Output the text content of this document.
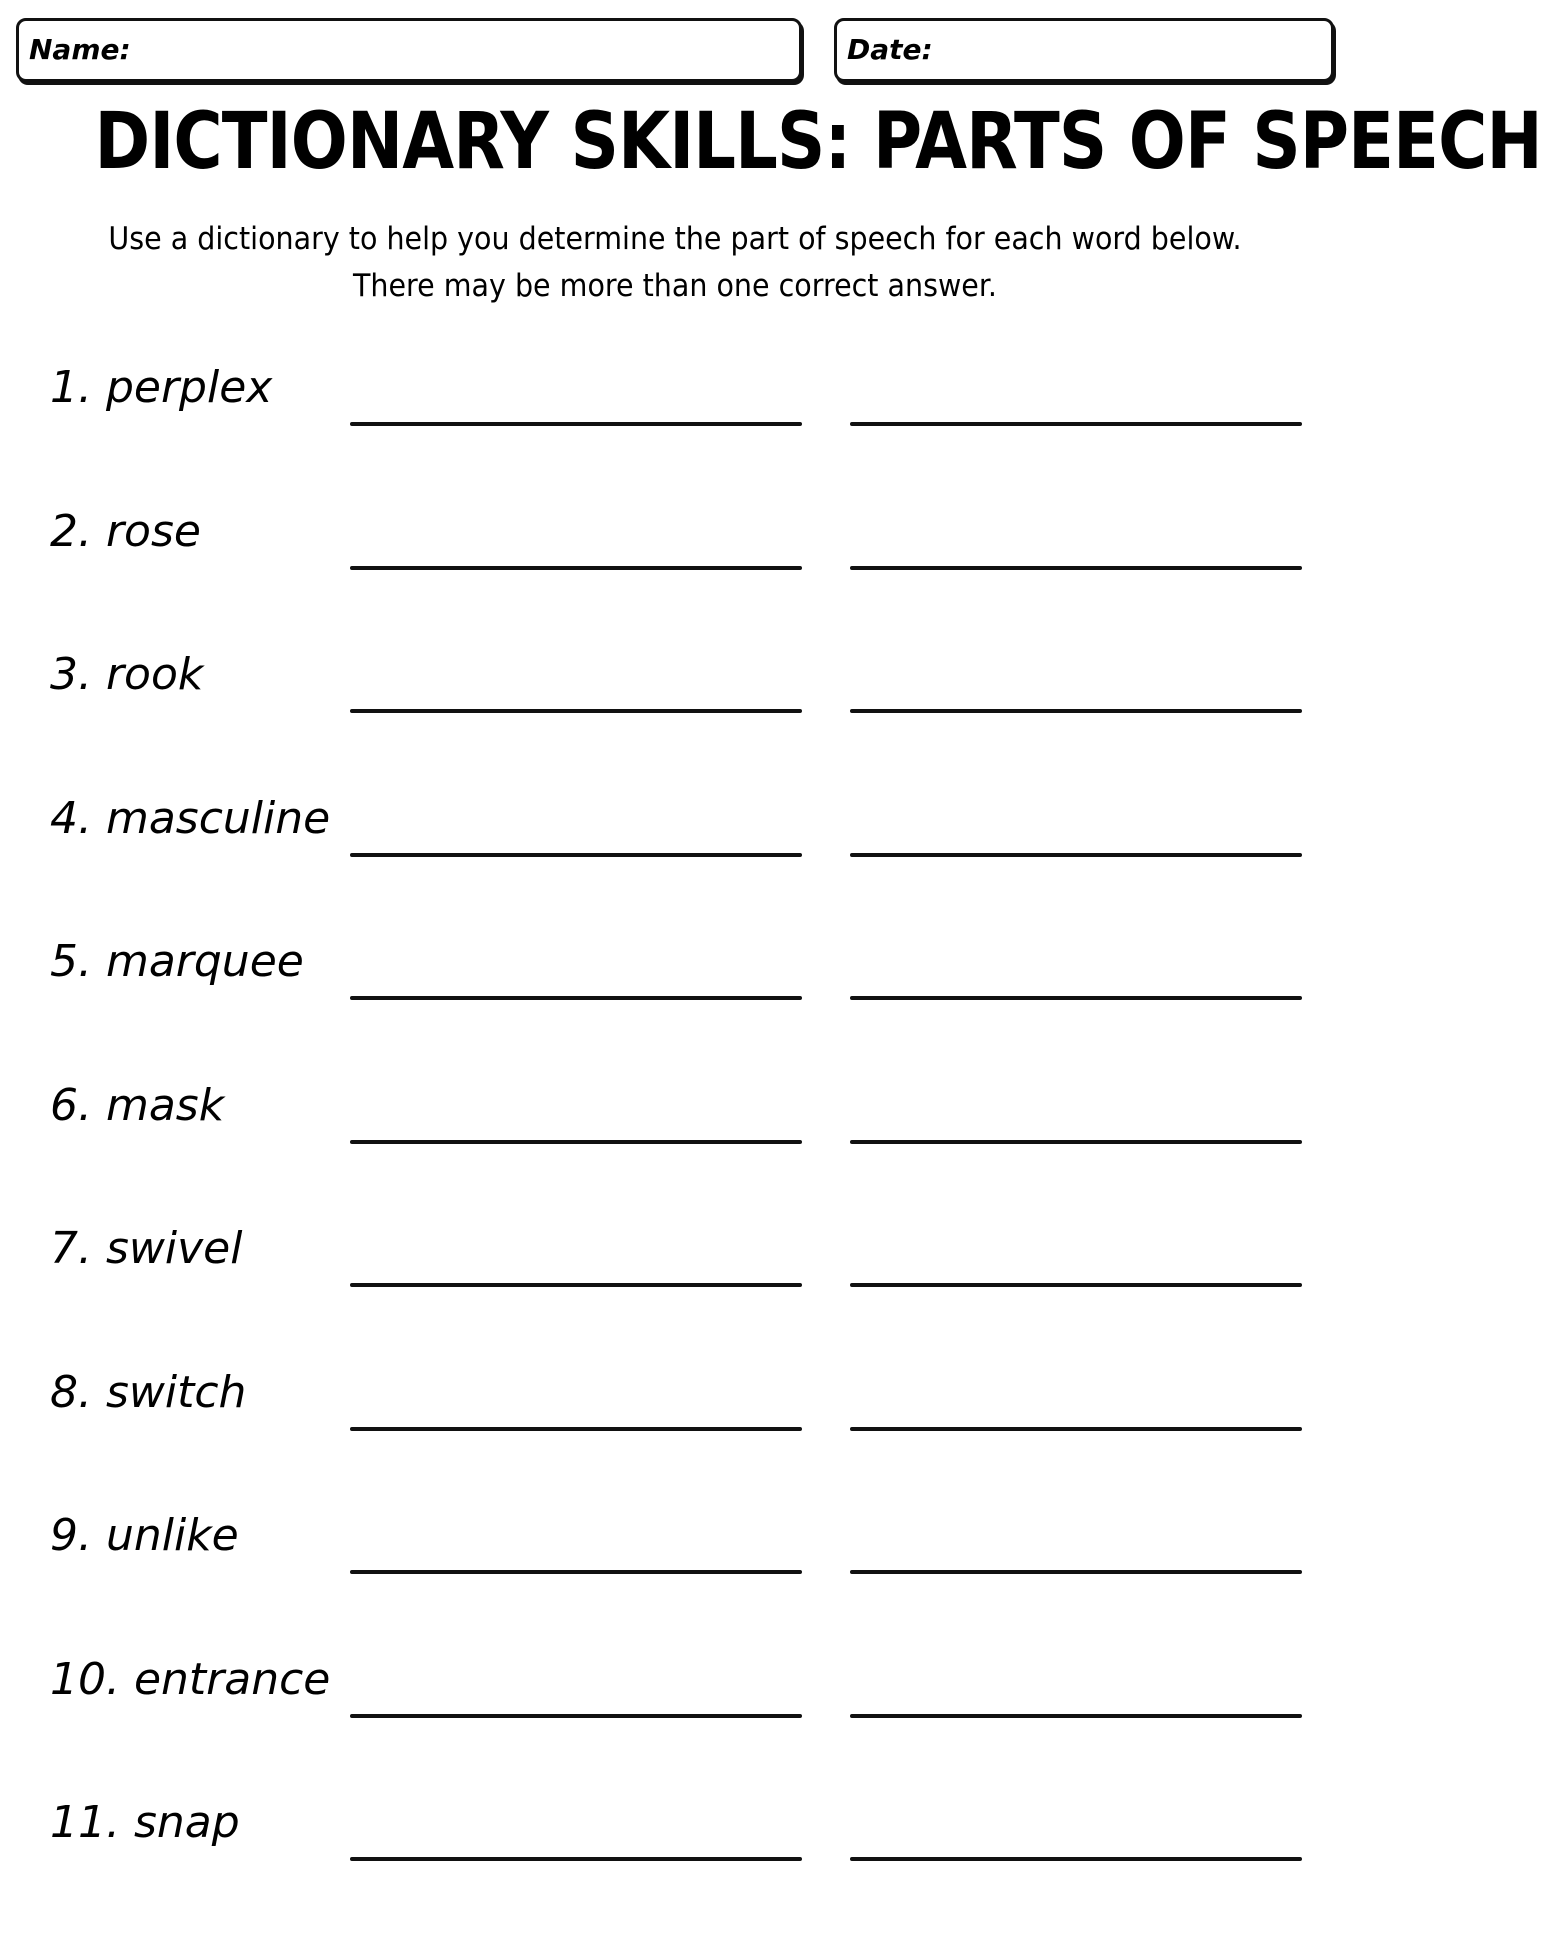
Name:	Date:
DICTIONARY SKILLS: PARTS OF SPEECH
Use a dictionary to help you determine the part of speech for each word below.
There may be more than one correct answer.
1. perplex
2. rose
3. rook
4. masculine
5. marquee
6. mask
7. swivel
8. switch
9. unlike
10. entrance
11. snap
